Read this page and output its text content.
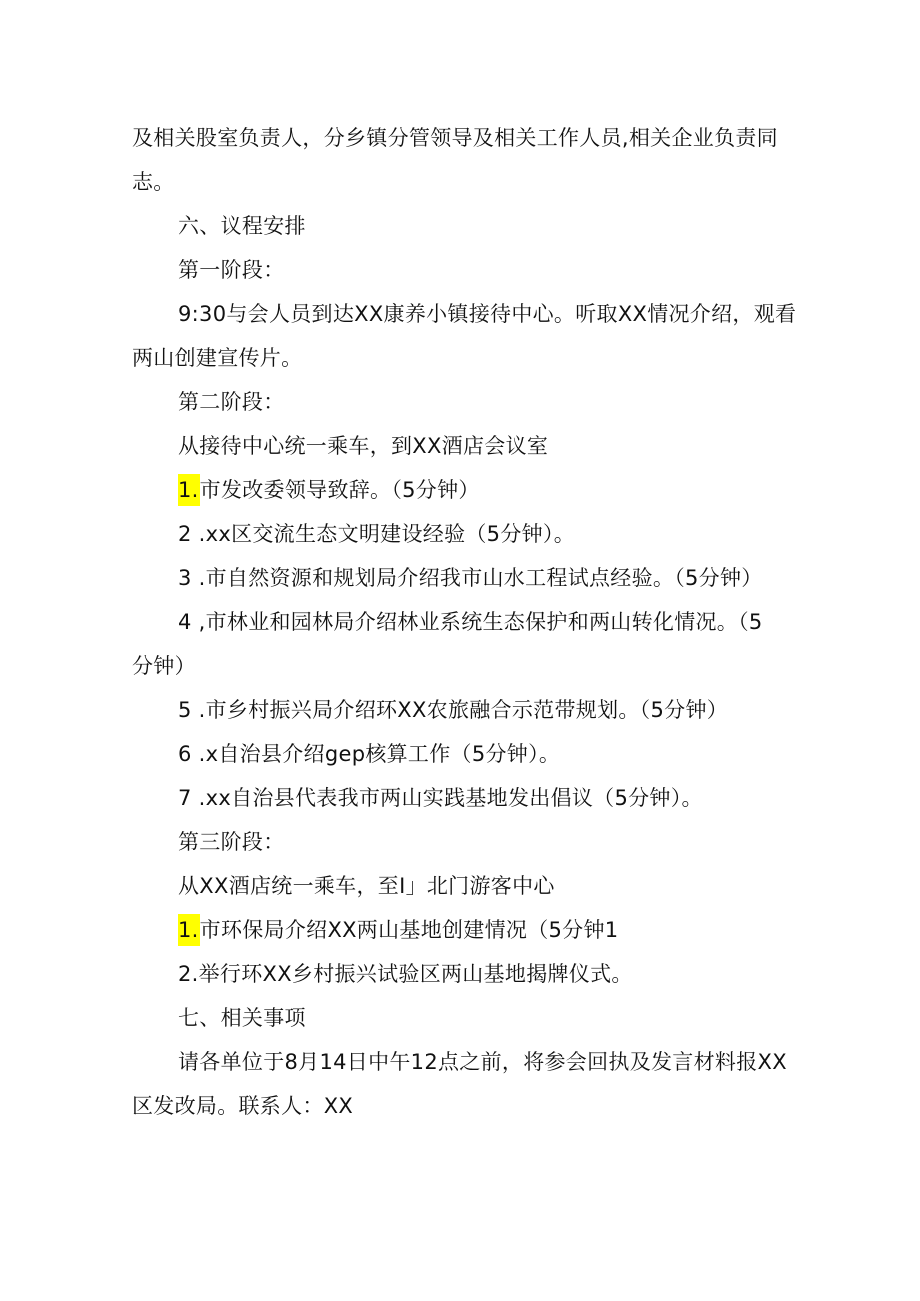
及相关股室负责人，分乡镇分管领导及相关工作人员,相关企业负责同
志。
六、议程安排
第一阶段：
9:30与会人员到达XX康养小镇接待中心。听取XX情况介绍，观看
两山创建宣传片。
第二阶段：
从接待中心统一乘车，到XX酒店会议室
1.市发改委领导致辞。（5分钟）
2 .xx区交流生态文明建设经验（5分钟）。
3 .市自然资源和规划局介绍我市山水工程试点经验。（5分钟）
4 ,市林业和园林局介绍林业系统生态保护和两山转化情况。（5
分钟）
5 .市乡村振兴局介绍环XX农旅融合示范带规划。（5分钟）
6 .x自治县介绍gep核算工作（5分钟）。
7 .xx自治县代表我市两山实践基地发出倡议（5分钟）。
第三阶段：
从XX酒店统一乘车，至I」北门游客中心
1.市环保局介绍XX两山基地创建情况（5分钟1
2.举行环XX乡村振兴试验区两山基地揭牌仪式。
七、相关事项
请各单位于8月14日中午12点之前，将参会回执及发言材料报XX
区发改局。联系人：XX
